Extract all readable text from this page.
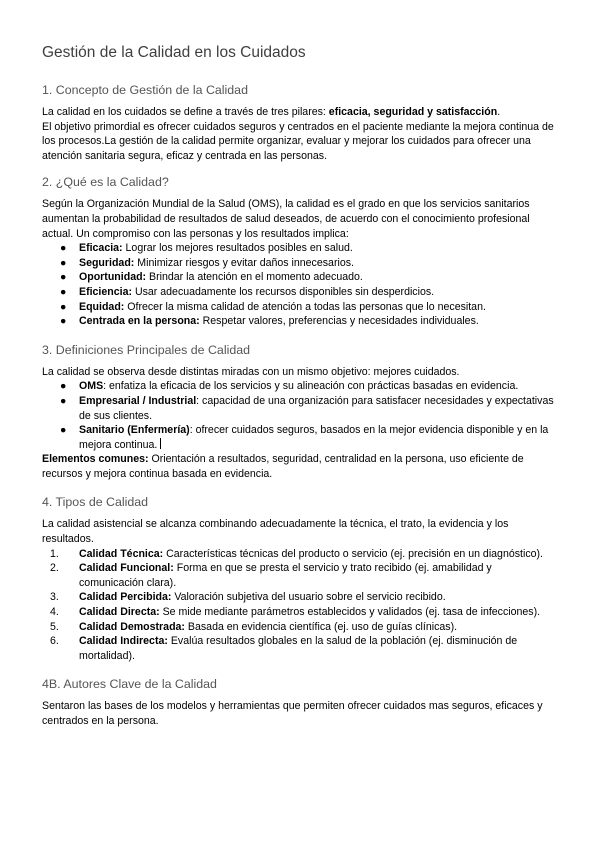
Gestión de la Calidad en los Cuidados
1. Concepto de Gestión de la Calidad

La calidad en los cuidados se define a través de tres pilares: eficacia, seguridad y satisfacción.

El objetivo primordial es ofrecer cuidados seguros y centrados en el paciente mediante la mejora continua de los procesos.La gestión de la calidad permite organizar, evaluar y mejorar los cuidados para ofrecer una atención sanitaria segura, eficaz y centrada en las personas.

2. ¿Qué es la Calidad?

Según la Organización Mundial de la Salud (OMS), la calidad es el grado en que los servicios sanitarios aumentan la probabilidad de resultados de salud deseados, de acuerdo con el conocimiento profesional actual. Un compromiso con las personas y los resultados implica:

● Eficacia: Lograr los mejores resultados posibles en salud.
● Seguridad: Minimizar riesgos y evitar daños innecesarios.
● Oportunidad: Brindar la atención en el momento adecuado.
● Eficiencia: Usar adecuadamente los recursos disponibles sin desperdicios.
● Equidad: Ofrecer la misma calidad de atención a todas las personas que lo necesitan.
● Centrada en la persona: Respetar valores, preferencias y necesidades individuales.
3. Definiciones Principales de Calidad

La calidad se observa desde distintas miradas con un mismo objetivo: mejores cuidados.

● OMS: enfatiza la eficacia de los servicios y su alineación con prácticas basadas en evidencia.
● Empresarial / Industrial: capacidad de una organización para satisfacer necesidades y expectativas de sus clientes.
● Sanitario (Enfermería): ofrecer cuidados seguros, basados en la mejor evidencia disponible y en la mejora continua.

Elementos comunes: Orientación a resultados, seguridad, centralidad en la persona, uso eficiente de recursos y mejora continua basada en evidencia.

4. Tipos de Calidad

La calidad asistencial se alcanza combinando adecuadamente la técnica, el trato, la evidencia y los resultados.

1.	Calidad Técnica: Características técnicas del producto o servicio (ej. precisión en un diagnóstico).
2.	Calidad Funcional: Forma en que se presta el servicio y trato recibido (ej. amabilidad y comunicación clara).
3.	Calidad Percibida: Valoración subjetiva del usuario sobre el servicio recibido.
4.	Calidad Directa: Se mide mediante parámetros establecidos y validados (ej. tasa de infecciones).
5.	Calidad Demostrada: Basada en evidencia científica (ej. uso de guías clínicas).
6.	Calidad Indirecta: Evalúa resultados globales en la salud de la población (ej. disminución de mortalidad).
4B. Autores Clave de la Calidad

Sentaron las bases de los modelos y herramientas que permiten ofrecer cuidados mas seguros, eficaces y centrados en la persona.
